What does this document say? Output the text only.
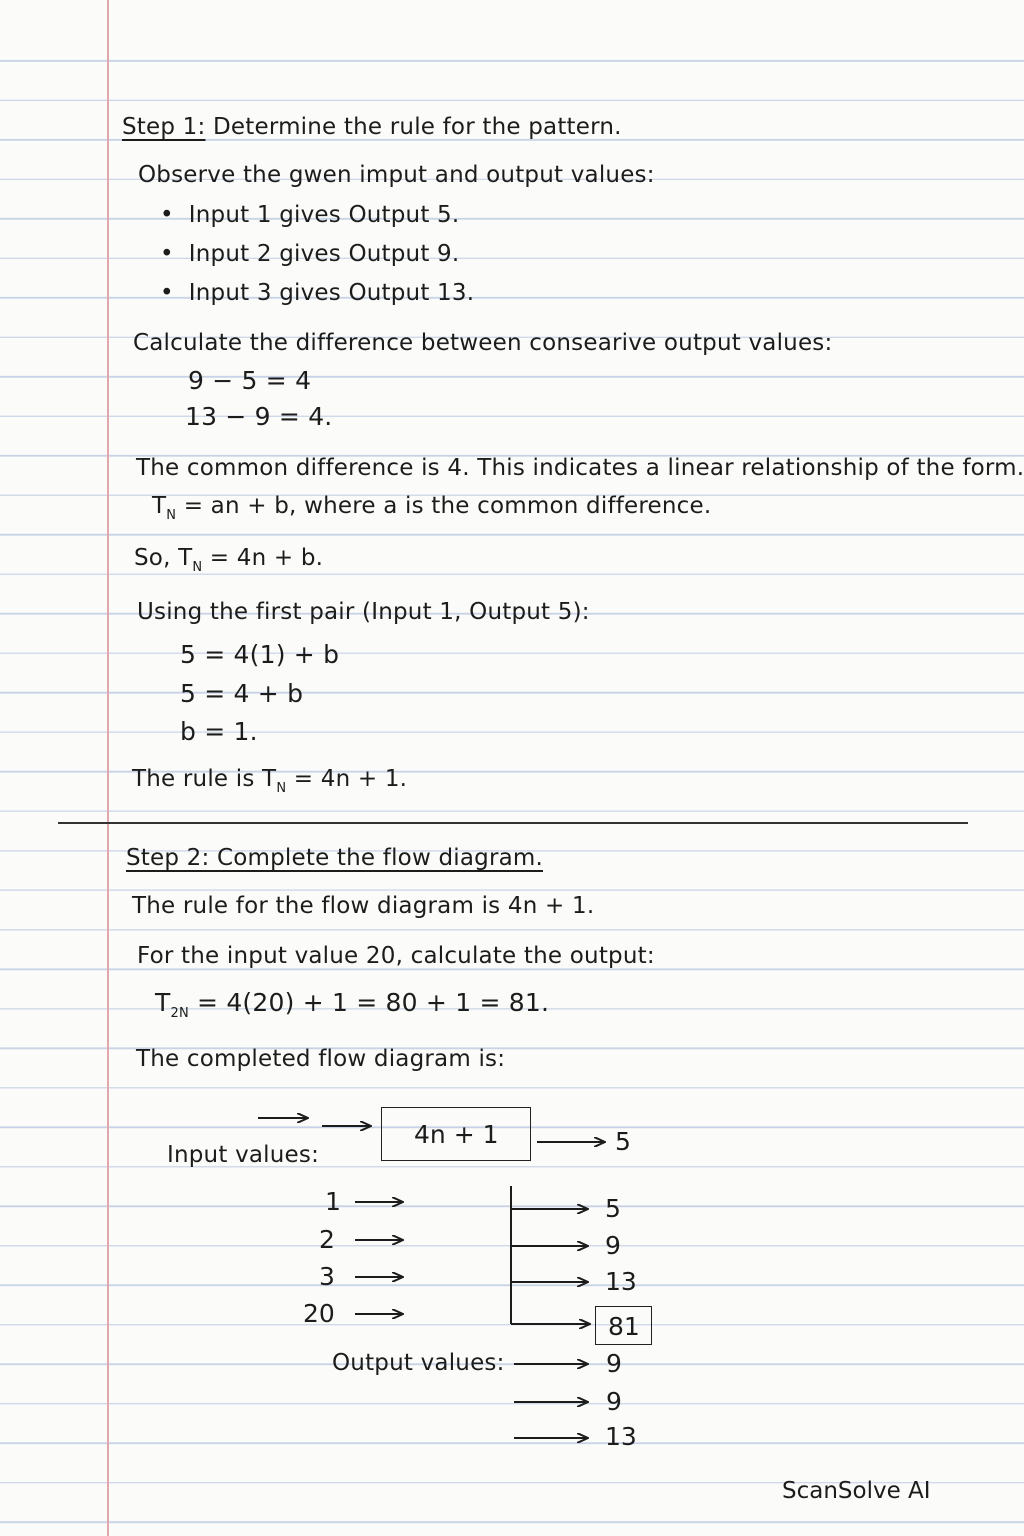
Step 1: Determine the rule for the pattern.
Observe the gwen imput and output values:
•  Input 1 gives Output 5.
•  Input 2 gives Output 9.
•  Input 3 gives Output 13.
Calculate the difference between consearive output values:
9 − 5 = 4
13 − 9 = 4.
The common difference is 4. This indicates a linear relationship of the form.
$T_N$ = an + b, where a is the common difference.
So, $T_N = 4n + b$.
Using the first pair (Input 1, Output 5):
5 = 4(1) + b
5 = 4 + b
b = 1.
The rule is $T_N = 4n + 1$.
Step 2: Complete the flow diagram.
The rule for the flow diagram is 4n + 1.
For the input value 20, calculate the output:
$T_{2N} = 4(20) + 1 = 80 + 1 = 81$.
The completed flow diagram is:
4n + 1	5
Input values:
1
2
3
20
5
9
13
81
Output values:	9
9
13
ScanSolve AI
